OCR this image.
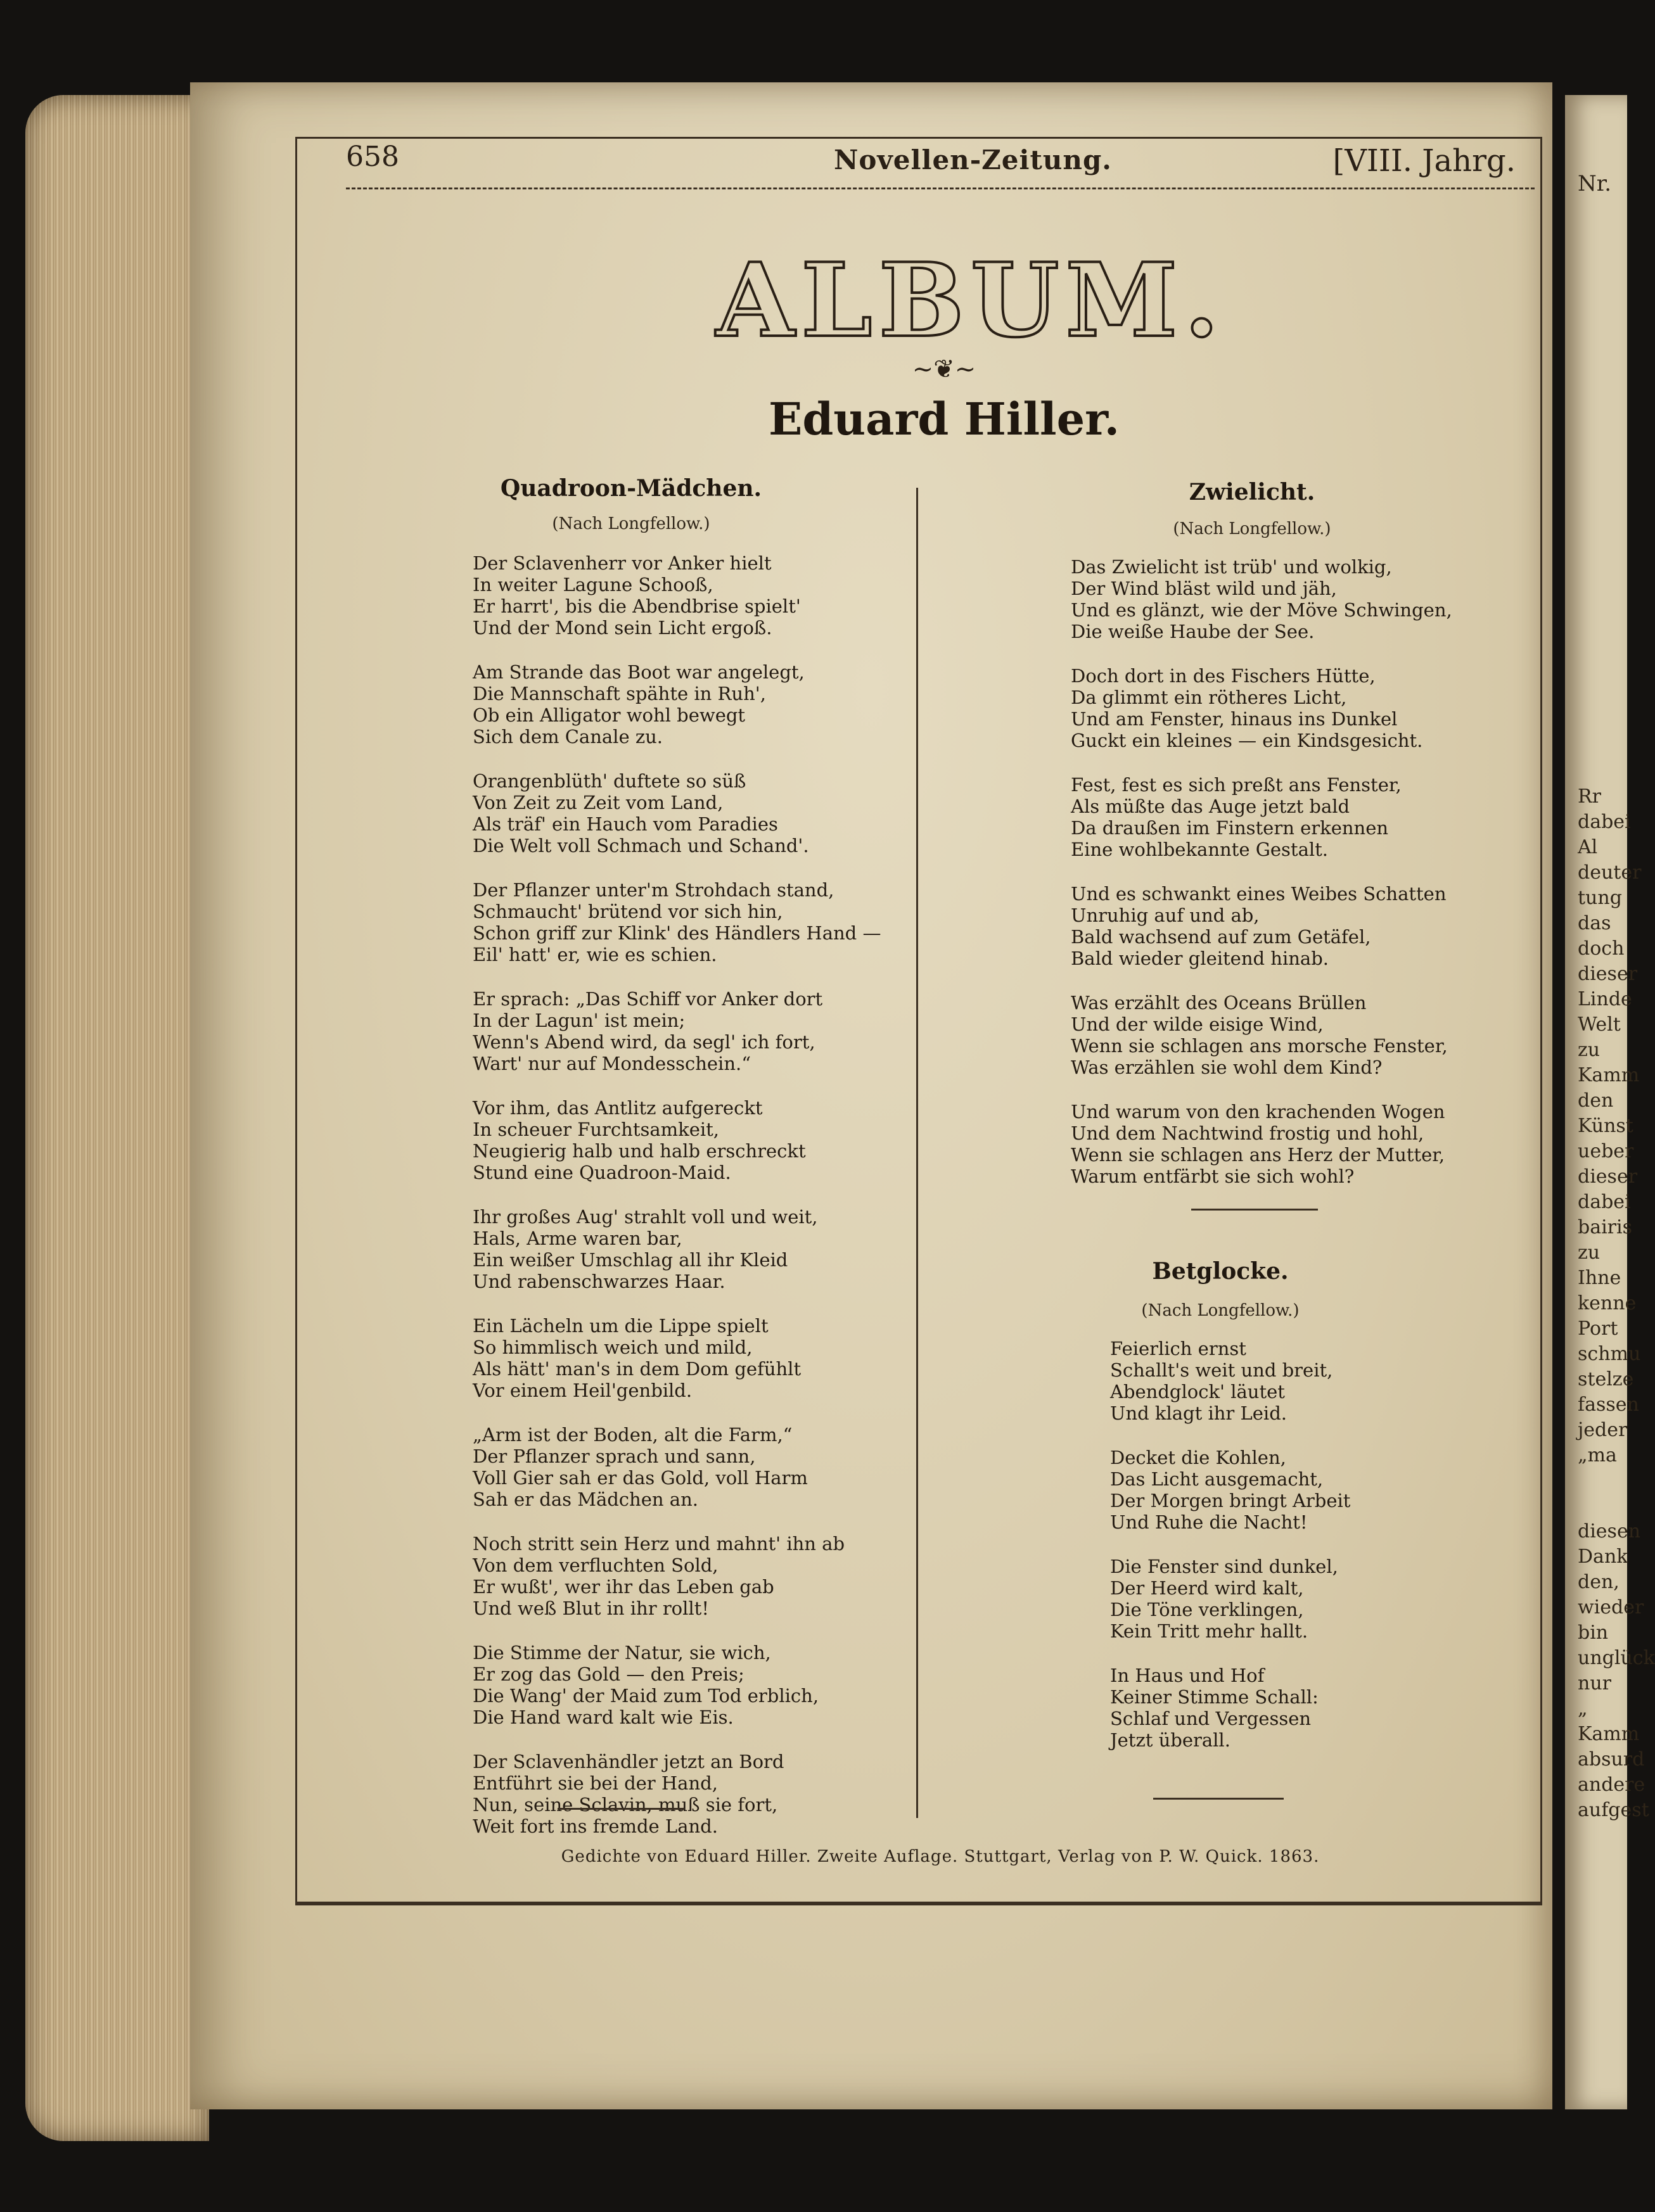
Nr.
Rr
dabei
Al
deuter
tung
das
doch
dieser
Linde
Welt
zu
Kamm
den
Künst
ueber
dieser
dabei
bairis
zu
Ihne
kenne
Port
schmu
stelze
fassen
jeder
„ma
diesen
Dank
den,
wieder
bin
unglück
nur
„
Kamm
absurd
andere
aufgest
658	Novellen-Zeitung.	[VIII. Jahrg.
ALBUM.
~❦~
Eduard Hiller.
Quadroon-Mädchen.
(Nach Longfellow.)
Der Sclavenherr vor Anker hielt
In weiter Lagune Schooß,
Er harrt', bis die Abendbrise spielt'
Und der Mond sein Licht ergoß.
Am Strande das Boot war angelegt,
Die Mannschaft spähte in Ruh',
Ob ein Alligator wohl bewegt
Sich dem Canale zu.
Orangenblüth' duftete so süß
Von Zeit zu Zeit vom Land,
Als träf' ein Hauch vom Paradies
Die Welt voll Schmach und Schand'.
Der Pflanzer unter'm Strohdach stand,
Schmaucht' brütend vor sich hin,
Schon griff zur Klink' des Händlers Hand —
Eil' hatt' er, wie es schien.
Er sprach: „Das Schiff vor Anker dort
In der Lagun' ist mein;
Wenn's Abend wird, da segl' ich fort,
Wart' nur auf Mondesschein.“
Vor ihm, das Antlitz aufgereckt
In scheuer Furchtsamkeit,
Neugierig halb und halb erschreckt
Stund eine Quadroon-Maid.
Ihr großes Aug' strahlt voll und weit,
Hals, Arme waren bar,
Ein weißer Umschlag all ihr Kleid
Und rabenschwarzes Haar.
Ein Lächeln um die Lippe spielt
So himmlisch weich und mild,
Als hätt' man's in dem Dom gefühlt
Vor einem Heil'genbild.
„Arm ist der Boden, alt die Farm,“
Der Pflanzer sprach und sann,
Voll Gier sah er das Gold, voll Harm
Sah er das Mädchen an.
Noch stritt sein Herz und mahnt' ihn ab
Von dem verfluchten Sold,
Er wußt', wer ihr das Leben gab
Und weß Blut in ihr rollt!
Die Stimme der Natur, sie wich,
Er zog das Gold — den Preis;
Die Wang' der Maid zum Tod erblich,
Die Hand ward kalt wie Eis.
Der Sclavenhändler jetzt an Bord
Entführt sie bei der Hand,
Nun, seine Sclavin, muß sie fort,
Weit fort ins fremde Land.
Zwielicht.
(Nach Longfellow.)
Das Zwielicht ist trüb' und wolkig,
Der Wind bläst wild und jäh,
Und es glänzt, wie der Möve Schwingen,
Die weiße Haube der See.
Doch dort in des Fischers Hütte,
Da glimmt ein rötheres Licht,
Und am Fenster, hinaus ins Dunkel
Guckt ein kleines — ein Kindsgesicht.
Fest, fest es sich preßt ans Fenster,
Als müßte das Auge jetzt bald
Da draußen im Finstern erkennen
Eine wohlbekannte Gestalt.
Und es schwankt eines Weibes Schatten
Unruhig auf und ab,
Bald wachsend auf zum Getäfel,
Bald wieder gleitend hinab.
Was erzählt des Oceans Brüllen
Und der wilde eisige Wind,
Wenn sie schlagen ans morsche Fenster,
Was erzählen sie wohl dem Kind?
Und warum von den krachenden Wogen
Und dem Nachtwind frostig und hohl,
Wenn sie schlagen ans Herz der Mutter,
Warum entfärbt sie sich wohl?
Betglocke.
(Nach Longfellow.)
Feierlich ernst
Schallt's weit und breit,
Abendglock' läutet
Und klagt ihr Leid.
Decket die Kohlen,
Das Licht ausgemacht,
Der Morgen bringt Arbeit
Und Ruhe die Nacht!
Die Fenster sind dunkel,
Der Heerd wird kalt,
Die Töne verklingen,
Kein Tritt mehr hallt.
In Haus und Hof
Keiner Stimme Schall:
Schlaf und Vergessen
Jetzt überall.
Gedichte von Eduard Hiller. Zweite Auflage. Stuttgart, Verlag von P. W. Quick. 1863.
